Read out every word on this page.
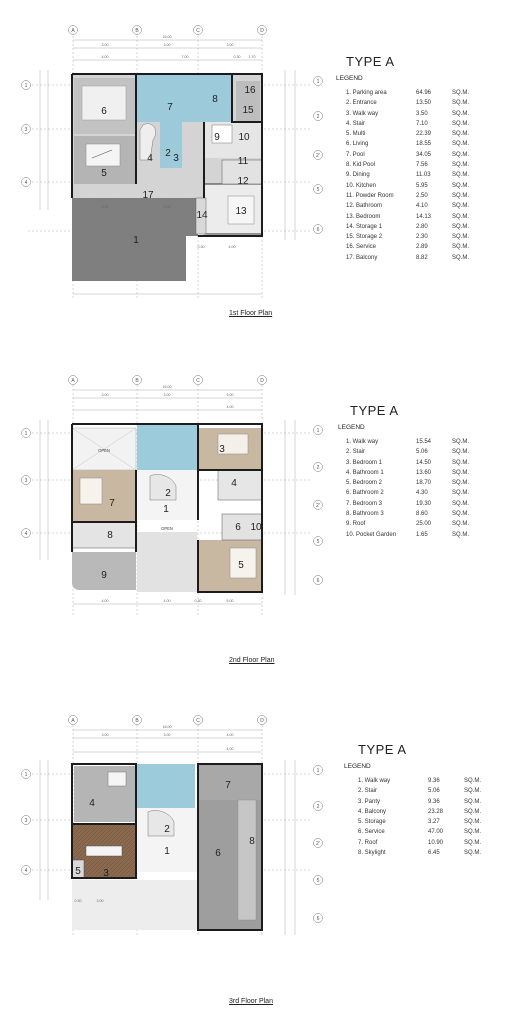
A	B	C	D
1
3
4
1
2
2'
5
6
16.00
3.00	3.00	3.00
4.00	7.00	0.30 1.70
1
2 3
4
5
6	7
8
9 10
11
12
13
14
15
16
17
4.00	4.00
0.30	4.00
A	B	C	D
1
3
4
1
2
2'
5
6
16.00
3.00	3.00	5.00
4.00
1
2
3
4
5
6
7
8
9
10
OPEN
OPEN
4.00	4.00	0.30	5.00
A	B	C	D
1
3
4
1
2
2'
5
6
16.00
3.00	3.00	4.00
4.00
1
2
3
4
5
6
7
8
0.30	3.00
TYPE A
LEGEND
1. Parking area	64.96	SQ.M.
2. Entrance	13.50	SQ.M.
3. Walk way	3.50	SQ.M.
4. Stair	7.10	SQ.M.
5. Multi	22.39	SQ.M.
6. Living	18.55	SQ.M.
7. Pool	34.05	SQ.M.
8. Kid Pool	7.56	SQ.M.
9. Dining	11.03	SQ.M.
10. Kitchen	5.95	SQ.M.
11. Powder Room	2.50	SQ.M.
12. Bathroom	4.10	SQ.M.
13. Bedroom	14.13	SQ.M.
14. Storage 1	2.80	SQ.M.
15. Storage 2	2.30	SQ.M.
16. Service	2.89	SQ.M.
17. Balcony	8.82	SQ.M.
TYPE A
LEGEND
1. Walk way	15.54	SQ.M.
2. Stair	5.06	SQ.M.
3. Bedroom 1	14.50	SQ.M.
4. Bathroom 1	13.60	SQ.M.
5. Bedroom 2	18.70	SQ.M.
6. Bathroom 2	4.30	SQ.M.
7. Bedroom 3	19.30	SQ.M.
8. Bathroom 3	8.60	SQ.M.
9. Roof	25.00	SQ.M.
10. Pocket Garden	1.65	SQ.M.
TYPE A
LEGEND
1. Walk way	9.36	SQ.M.
2. Stair	5.06	SQ.M.
3. Panty	9.36	SQ.M.
4. Balcony	23.28	SQ.M.
5. Storage	3.27	SQ.M.
6. Service	47.00	SQ.M.
7. Roof	10.90	SQ.M.
8. Skylight	6.45	SQ.M.
1st Floor Plan
2nd Floor Plan
3rd Floor Plan
